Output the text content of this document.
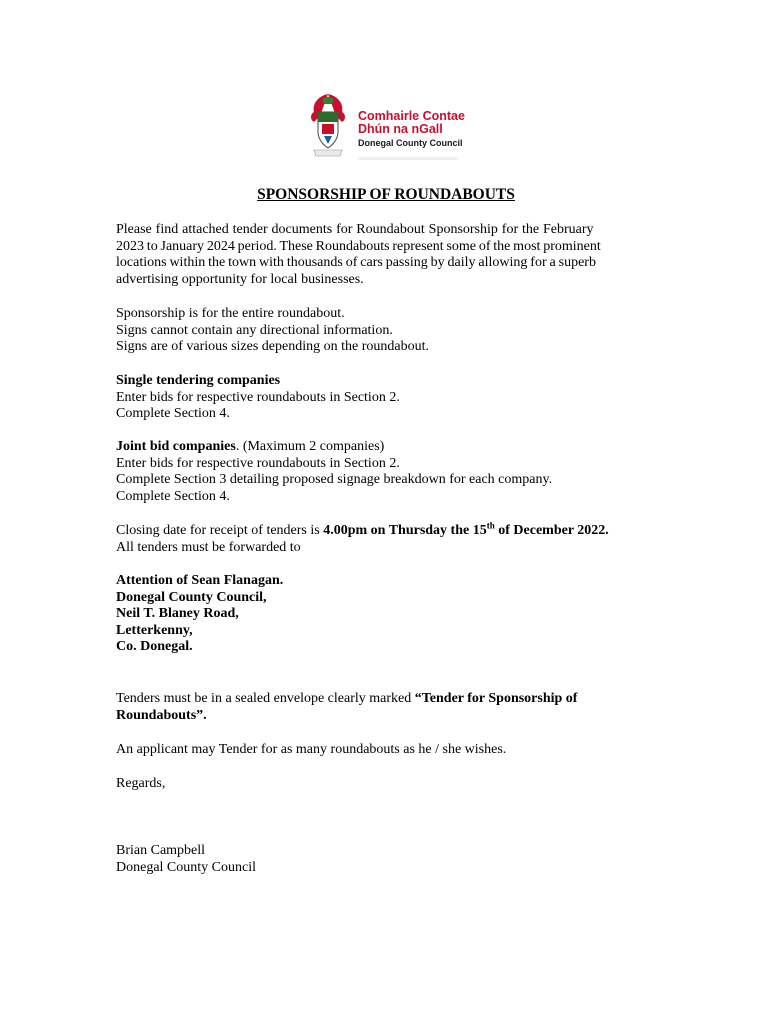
Comhairle Contae
Dhún na nGall
Donegal County Council
SPONSORSHIP OF ROUNDABOUTS
Please find attached tender documents for Roundabout Sponsorship for the February
2023 to January 2024 period. These Roundabouts represent some of the most prominent
locations within the town with thousands of cars passing by daily allowing for a superb
advertising opportunity for local businesses.
Sponsorship is for the entire roundabout.
Signs cannot contain any directional information.
Signs are of various sizes depending on the roundabout.
Single tendering companies
Enter bids for respective roundabouts in Section 2.
Complete Section 4.
Joint bid companies. (Maximum 2 companies)
Enter bids for respective roundabouts in Section 2.
Complete Section 3 detailing proposed signage breakdown for each company.
Complete Section 4.
Closing date for receipt of tenders is 4.00pm on Thursday the 15th of December 2022.
All tenders must be forwarded to
Attention of Sean Flanagan.
Donegal County Council,
Neil T. Blaney Road,
Letterkenny,
Co. Donegal.
Tenders must be in a sealed envelope clearly marked “Tender for Sponsorship of
Roundabouts”.
An applicant may Tender for as many roundabouts as he / she wishes.
Regards,
Brian Campbell
Donegal County Council
